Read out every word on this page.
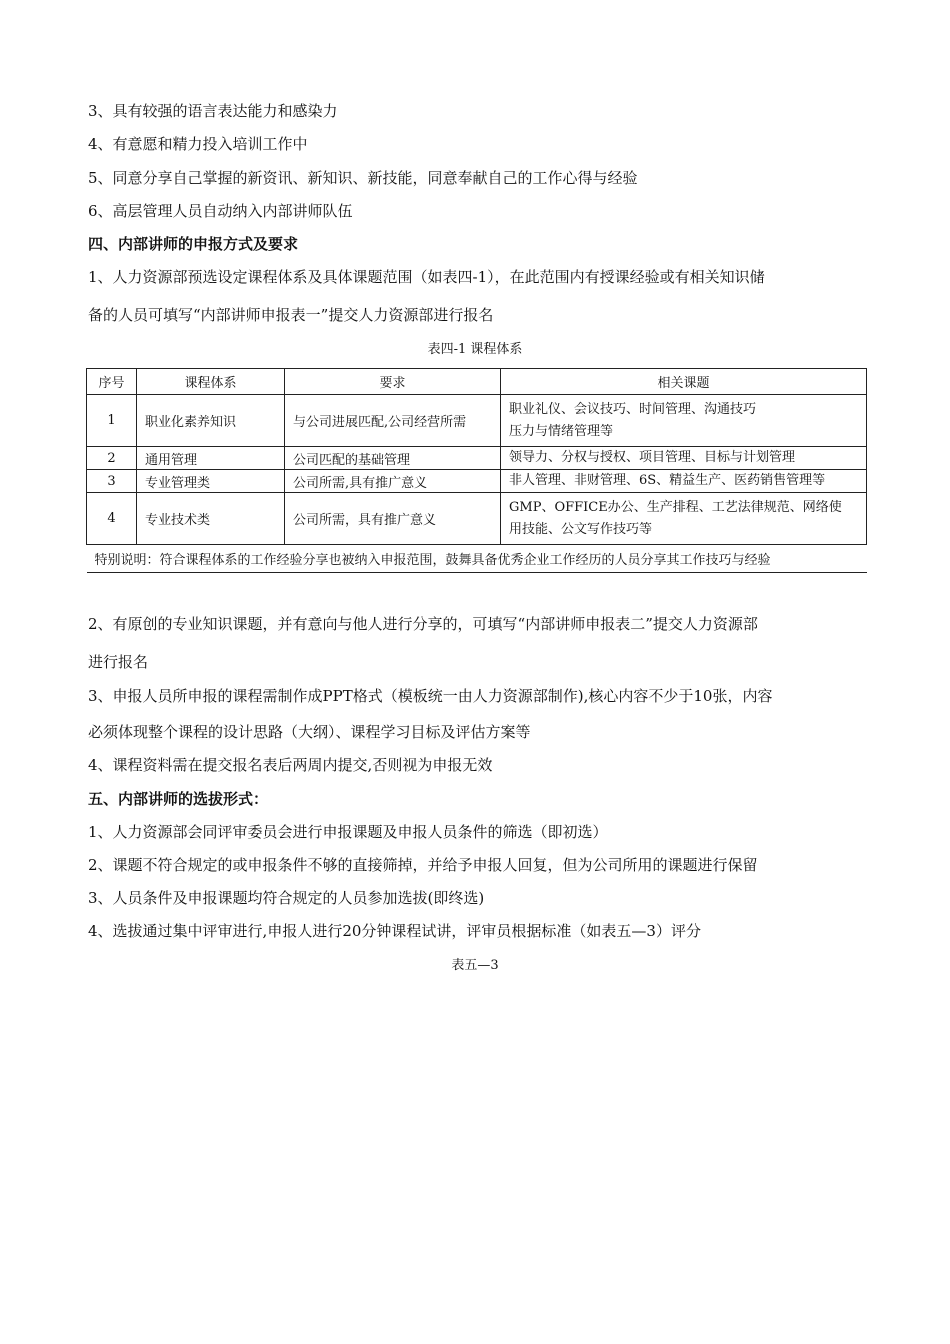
3、具有较强的语言表达能力和感染力
4、有意愿和精力投入培训工作中
5、同意分享自己掌握的新资讯、新知识、新技能，同意奉献自己的工作心得与经验
6、高层管理人员自动纳入内部讲师队伍
四、内部讲师的申报方式及要求
1、人力资源部预选设定课程体系及具体课题范围（如表四-1），在此范围内有授课经验或有相关知识储
备的人员可填写“内部讲师申报表一”提交人力资源部进行报名
表四-1 课程体系
序号	课程体系	要求	相关课题
1	职业化素养知识	与公司进展匹配,公司经营所需	职业礼仪、会议技巧、时间管理、沟通技巧
压力与情绪管理等

2	通用管理	公司匹配的基础管理	领导力、分权与授权、项目管理、目标与计划管理
3	专业管理类	公司所需,具有推广意义	非人管理、非财管理、6S、精益生产、医药销售管理等
4	专业技术类	公司所需，具有推广意义	GMP、OFFICE办公、生产排程、工艺法律规范、网络使
用技能、公文写作技巧等

特别说明：符合课程体系的工作经验分享也被纳入申报范围，鼓舞具备优秀企业工作经历的人员分享其工作技巧与经验			
2、有原创的专业知识课题，并有意向与他人进行分享的，可填写“内部讲师申报表二”提交人力资源部
进行报名
3、申报人员所申报的课程需制作成PPT格式（模板统一由人力资源部制作),核心内容不少于10张，内容
必须体现整个课程的设计思路（大纲）、课程学习目标及评估方案等
4、课程资料需在提交报名表后两周内提交,否则视为申报无效
五、内部讲师的选拔形式：
1、人力资源部会同评审委员会进行申报课题及申报人员条件的筛选（即初选）
2、课题不符合规定的或申报条件不够的直接筛掉，并给予申报人回复，但为公司所用的课题进行保留
3、人员条件及申报课题均符合规定的人员参加选拔(即终选)
4、选拔通过集中评审进行,申报人进行20分钟课程试讲，评审员根据标准（如表五—3）评分
表五—3
